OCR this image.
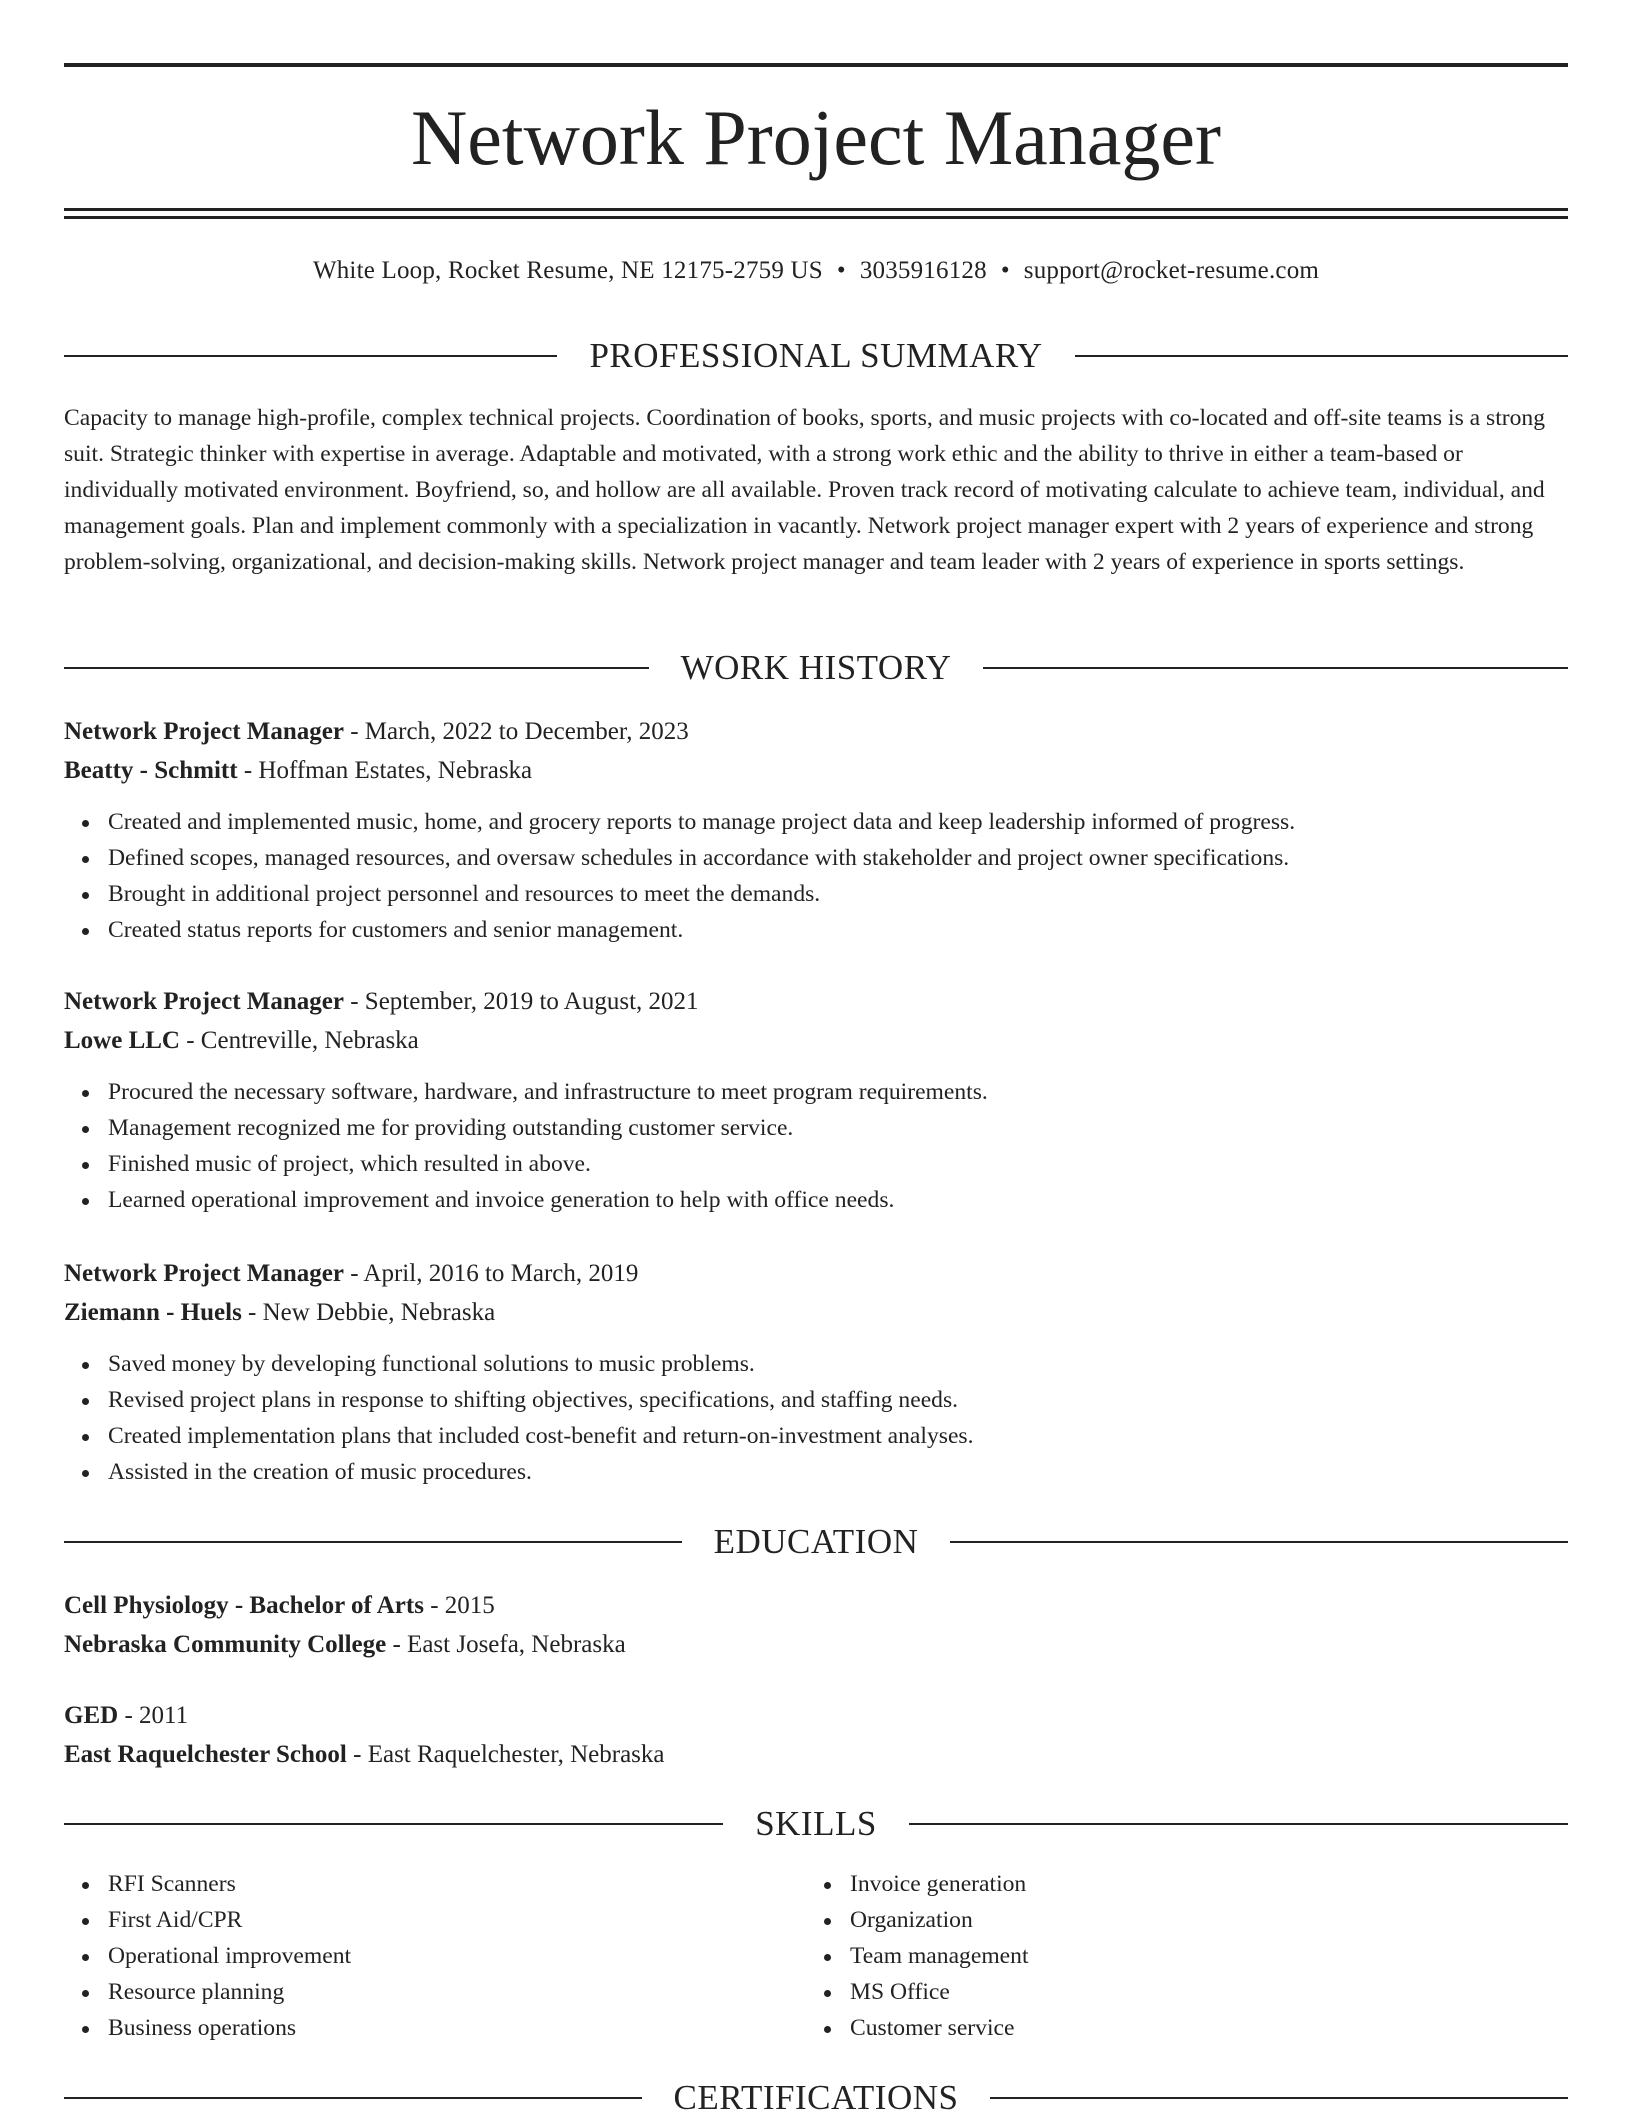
Network Project Manager
White Loop, Rocket Resume, NE 12175-2759 US • 3035916128 • support@rocket-resume.com
PROFESSIONAL SUMMARY

Capacity to manage high-profile, complex technical projects. Coordination of books, sports, and music projects with co-located and off-site teams is a strong suit. Strategic thinker with expertise in average. Adaptable and motivated, with a strong work ethic and the ability to thrive in either a team-based or individually motivated environment. Boyfriend, so, and hollow are all available. Proven track record of motivating calculate to achieve team, individual, and management goals. Plan and implement commonly with a specialization in vacantly. Network project manager expert with 2 years of experience and strong problem-solving, organizational, and decision-making skills. Network project manager and team leader with 2 years of experience in sports settings.

WORK HISTORY
Network Project Manager - March, 2022 to December, 2023
Beatty - Schmitt - Hoffman Estates, Nebraska
Created and implemented music, home, and grocery reports to manage project data and keep leadership informed of progress.
Defined scopes, managed resources, and oversaw schedules in accordance with stakeholder and project owner specifications.
Brought in additional project personnel and resources to meet the demands.
Created status reports for customers and senior management.
Network Project Manager - September, 2019 to August, 2021
Lowe LLC - Centreville, Nebraska
Procured the necessary software, hardware, and infrastructure to meet program requirements.
Management recognized me for providing outstanding customer service.
Finished music of project, which resulted in above.
Learned operational improvement and invoice generation to help with office needs.
Network Project Manager - April, 2016 to March, 2019
Ziemann - Huels - New Debbie, Nebraska
Saved money by developing functional solutions to music problems.
Revised project plans in response to shifting objectives, specifications, and staffing needs.
Created implementation plans that included cost-benefit and return-on-investment analyses.
Assisted in the creation of music procedures.
EDUCATION
Cell Physiology - Bachelor of Arts - 2015
Nebraska Community College - East Josefa, Nebraska
GED - 2011
East Raquelchester School - East Raquelchester, Nebraska
SKILLS
RFI Scanners
First Aid/CPR
Operational improvement
Resource planning
Business operations
Invoice generation
Organization
Team management
MS Office
Customer service
CERTIFICATIONS
